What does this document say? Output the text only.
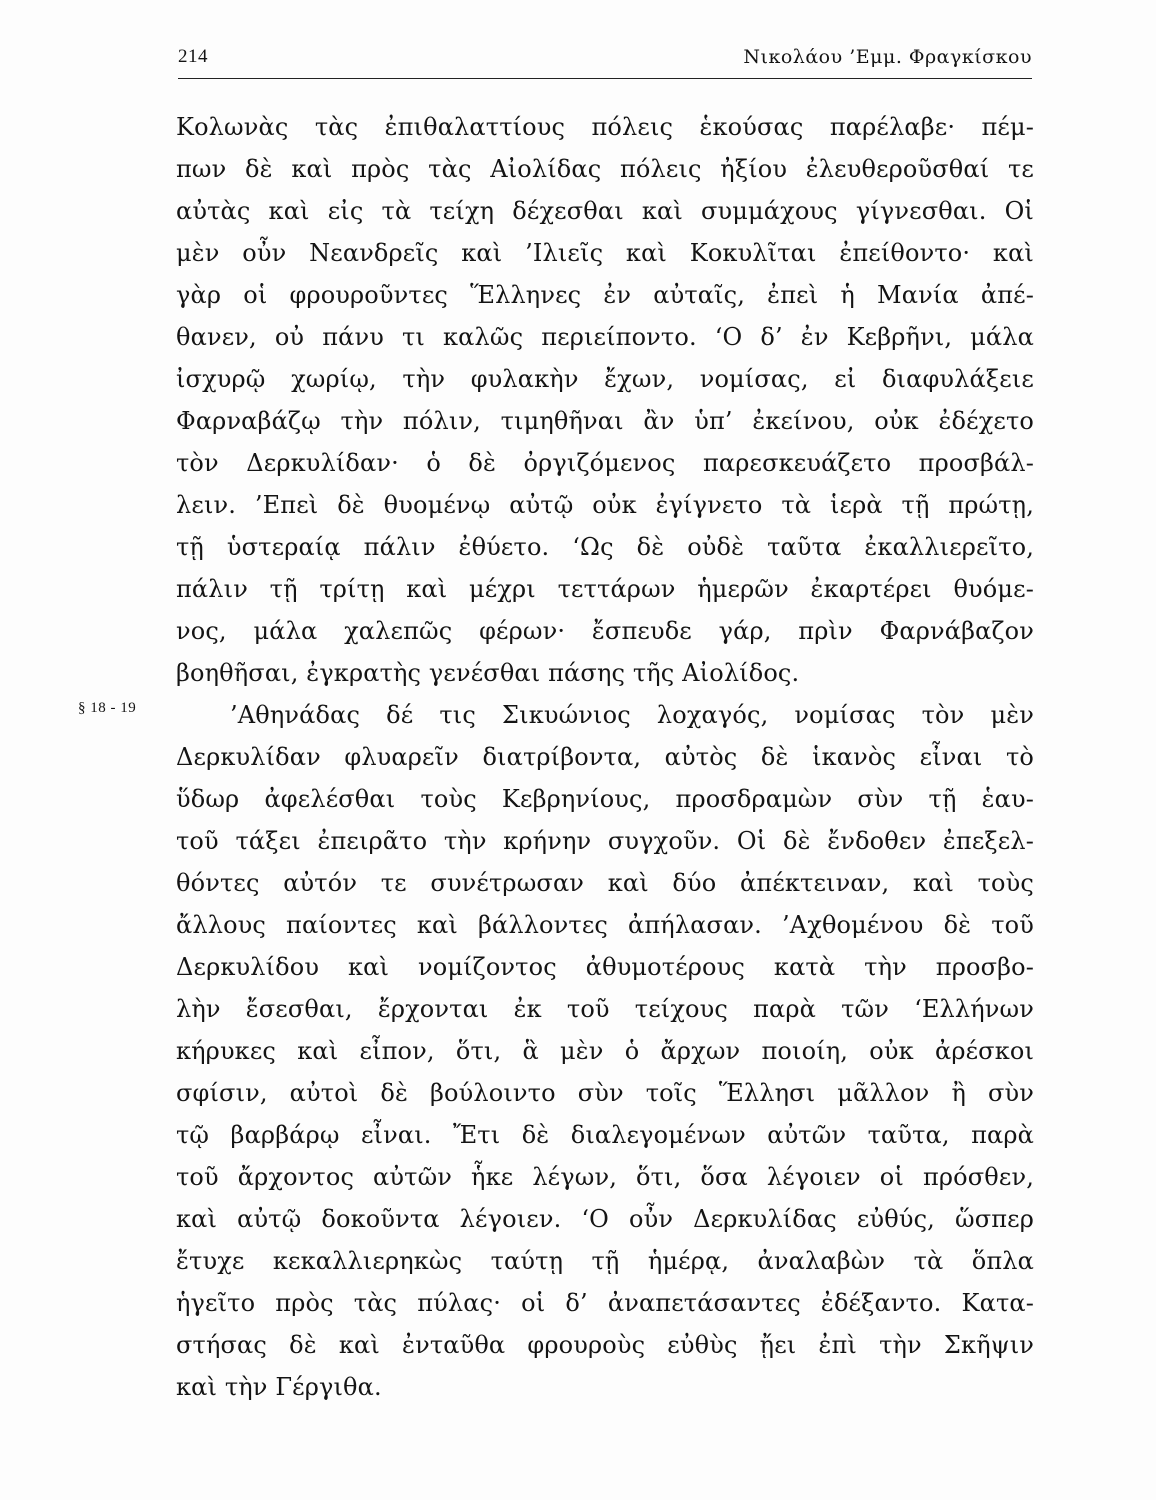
214	Νικολάου ’Εμμ. Φραγκίσκου
§ 18 - 19
Κολωνὰς τὰς ἐπιθαλαττίους πόλεις ἑκούσας παρέλαβε· πέμ-
πων δὲ καὶ πρὸς τὰς Αἰολίδας πόλεις ἠξίου ἐλευθεροῦσθαί τε
αὐτὰς καὶ εἰς τὰ τείχη δέχεσθαι καὶ συμμάχους γίγνεσθαι. Οἱ
μὲν οὖν Νεανδρεῖς καὶ ’Ιλιεῖς καὶ Κοκυλῖται ἐπείθοντο· καὶ
γὰρ οἱ φρουροῦντες Ἕλληνες ἐν αὐταῖς, ἐπεὶ ἡ Μανία ἀπέ-
θανεν, οὐ πάνυ τι καλῶς περιείποντο. ‘Ο δ’ ἐν Κεβρῆνι, μάλα
ἰσχυρῷ χωρίῳ, τὴν φυλακὴν ἔχων, νομίσας, εἰ διαφυλάξειε
Φαρναβάζῳ τὴν πόλιν, τιμηθῆναι ἂν ὑπ’ ἐκείνου, οὐκ ἐδέχετο
τὸν Δερκυλίδαν· ὁ δὲ ὀργιζόμενος παρεσκευάζετο προσβάλ-
λειν. ’Επεὶ δὲ θυομένῳ αὐτῷ οὐκ ἐγίγνετο τὰ ἱερὰ τῇ πρώτῃ,
τῇ ὑστεραίᾳ πάλιν ἐθύετο. ‘Ως δὲ οὐδὲ ταῦτα ἐκαλλιερεῖτο,
πάλιν τῇ τρίτῃ καὶ μέχρι τεττάρων ἡμερῶν ἐκαρτέρει θυόμε-
νος, μάλα χαλεπῶς φέρων· ἔσπευδε γάρ, πρὶν Φαρνάβαζον
βοηθῆσαι, ἐγκρατὴς γενέσθαι πάσης τῆς Αἰολίδος.
’Αθηνάδας δέ τις Σικυώνιος λοχαγός, νομίσας τὸν μὲν
Δερκυλίδαν φλυαρεῖν διατρίβοντα, αὐτὸς δὲ ἱκανὸς εἶναι τὸ
ὕδωρ ἀφελέσθαι τοὺς Κεβρηνίους, προσδραμὼν σὺν τῇ ἑαυ-
τοῦ τάξει ἐπειρᾶτο τὴν κρήνην συγχοῦν. Οἱ δὲ ἔνδοθεν ἐπεξελ-
θόντες αὐτόν τε συνέτρωσαν καὶ δύο ἀπέκτειναν, καὶ τοὺς
ἄλλους παίοντες καὶ βάλλοντες ἀπήλασαν. ’Αχθομένου δὲ τοῦ
Δερκυλίδου καὶ νομίζοντος ἀθυμοτέρους κατὰ τὴν προσβο-
λὴν ἔσεσθαι, ἔρχονται ἐκ τοῦ τείχους παρὰ τῶν ‘Ελλήνων
κήρυκες καὶ εἶπον, ὅτι, ἃ μὲν ὁ ἄρχων ποιοίη, οὐκ ἀρέσκοι
σφίσιν, αὐτοὶ δὲ βούλοιντο σὺν τοῖς Ἕλλησι μᾶλλον ἢ σὺν
τῷ βαρβάρῳ εἶναι. Ἔτι δὲ διαλεγομένων αὐτῶν ταῦτα, παρὰ
τοῦ ἄρχοντος αὐτῶν ἧκε λέγων, ὅτι, ὅσα λέγοιεν οἱ πρόσθεν,
καὶ αὐτῷ δοκοῦντα λέγοιεν. ‘Ο οὖν Δερκυλίδας εὐθύς, ὥσπερ
ἔτυχε κεκαλλιερηκὼς ταύτῃ τῇ ἡμέρᾳ, ἀναλαβὼν τὰ ὅπλα
ἡγεῖτο πρὸς τὰς πύλας· οἱ δ’ ἀναπετάσαντες ἐδέξαντο. Κατα-
στήσας δὲ καὶ ἐνταῦθα φρουροὺς εὐθὺς ᾔει ἐπὶ τὴν Σκῆψιν
καὶ τὴν Γέργιθα.
